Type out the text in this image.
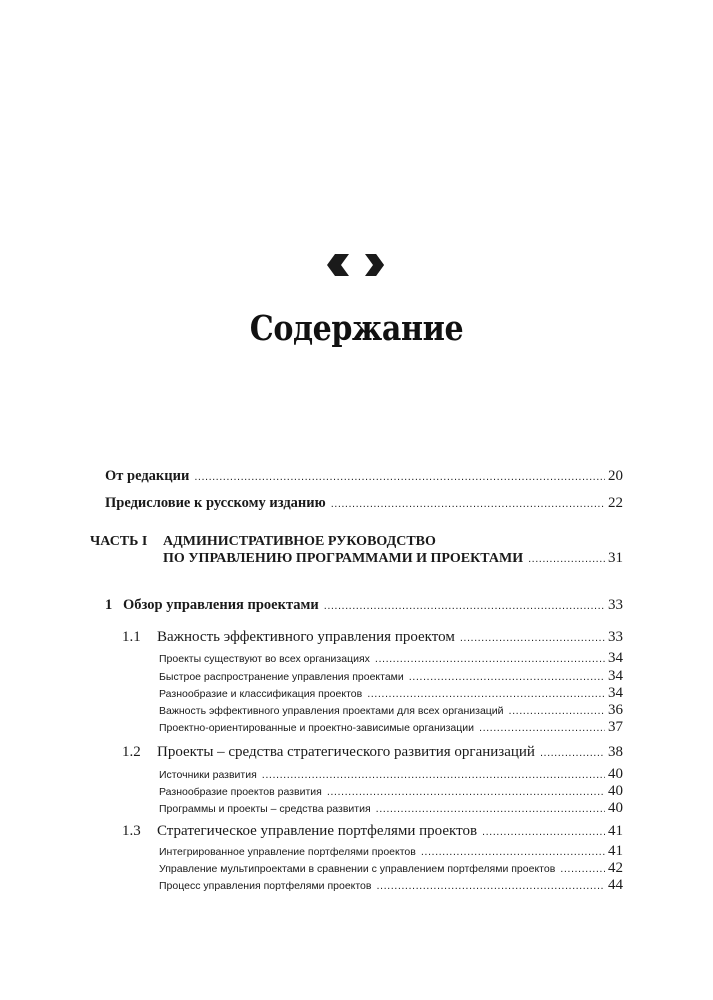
Содержание
От редакции .....	20
Предисловие к русскому изданию .....	22
ЧАСТЬ I АДМИНИСТРАТИВНОЕ РУКОВОДСТВО
ПО УПРАВЛЕНИЮ ПРОГРАММАМИ И ПРОЕКТАМИ .....	31
1 Обзор управления проектами .....	33
1.1 Важность эффективного управления проектом .....	33
Проекты существуют во всех организациях .....	34
Быстрое распространение управления проектами .....	34
Разнообразие и классификация проектов .....	34
Важность эффективного управления проектами для всех организаций .....	36
Проектно-ориентированные и проектно-зависимые организации .....	37
1.2 Проекты – средства стратегического развития организаций .....	38
Источники развития .....	40
Разнообразие проектов развития .....	40
Программы и проекты – средства развития .....	40
1.3 Стратегическое управление портфелями проектов .....	41
Интегрированное управление портфелями проектов .....	41
Управление мультипроектами в сравнении с управлением портфелями проектов .....	42
Процесс управления портфелями проектов .....	44
